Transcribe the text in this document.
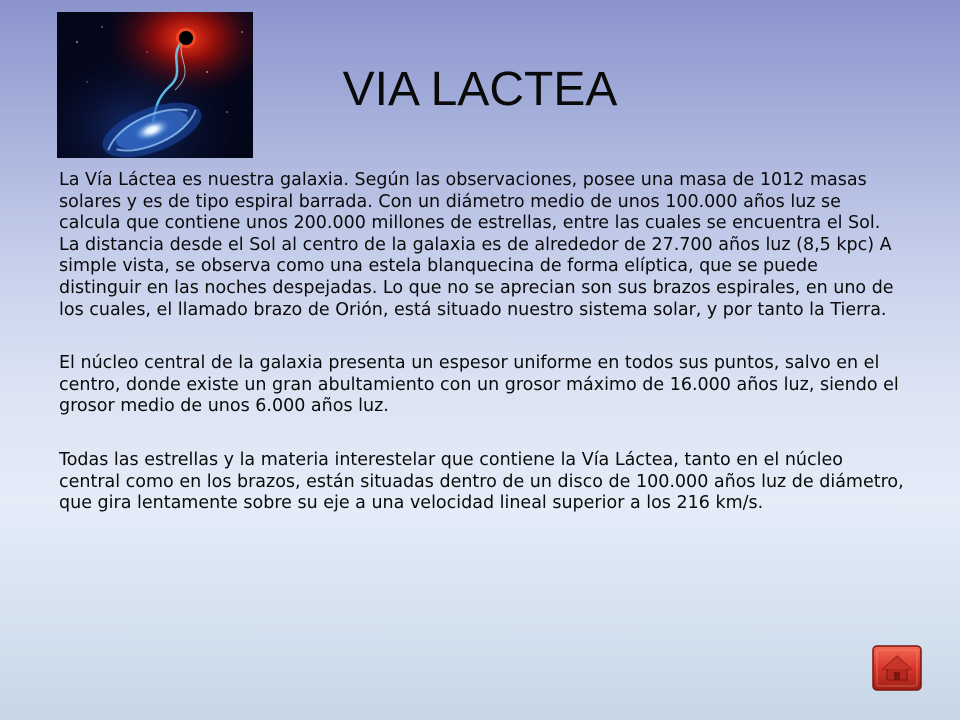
VIA LACTEA

La Vía Láctea es nuestra galaxia. Según las observaciones, posee una masa de 1012 masas solares y es de tipo espiral barrada. Con un diámetro medio de unos 100.000 años luz se calcula que contiene unos 200.000 millones de estrellas, entre las cuales se encuentra el Sol. La distancia desde el Sol al centro de la galaxia es de alrededor de 27.700 años luz (8,5 kpc) A simple vista, se observa como una estela blanquecina de forma elíptica, que se puede distinguir en las noches despejadas. Lo que no se aprecian son sus brazos espirales, en uno de los cuales, el llamado brazo de Orión, está situado nuestro sistema solar, y por tanto la Tierra.

El núcleo central de la galaxia presenta un espesor uniforme en todos sus puntos, salvo en el centro, donde existe un gran abultamiento con un grosor máximo de 16.000 años luz, siendo el grosor medio de unos 6.000 años luz.

Todas las estrellas y la materia interestelar que contiene la Vía Láctea, tanto en el núcleo central como en los brazos, están situadas dentro de un disco de 100.000 años luz de diámetro, que gira lentamente sobre su eje a una velocidad lineal superior a los 216 km/s.
